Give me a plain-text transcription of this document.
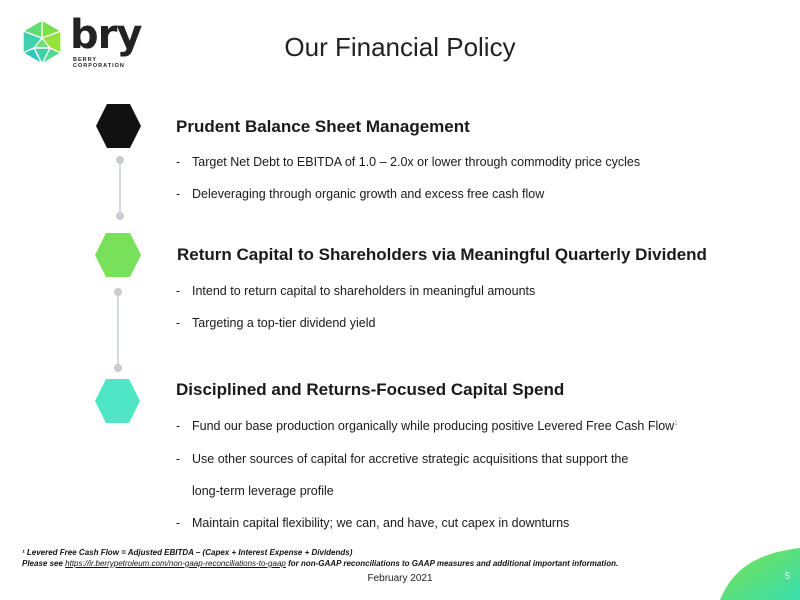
bry
BERRY
CORPORATION
Our Financial Policy
Prudent Balance Sheet Management
- Target Net Debt to EBITDA of 1.0 – 2.0x or lower through commodity price cycles
- Deleveraging through organic growth and excess free cash flow
Return Capital to Shareholders via Meaningful Quarterly Dividend
- Intend to return capital to shareholders in meaningful amounts
- Targeting a top-tier dividend yield
Disciplined and Returns-Focused Capital Spend
- Fund our base production organically while producing positive Levered Free Cash Flow$^1$
- Use other sources of capital for accretive strategic acquisitions that support the
long-term leverage profile
- Maintain capital flexibility; we can, and have, cut capex in downturns
¹ Levered Free Cash Flow = Adjusted EBITDA – (Capex + Interest Expense + Dividends)
Please see https://ir.berrypetroleum.com/non-gaap-reconciliations-to-gaap for non-GAAP reconciliations to GAAP measures and additional important information.
February 2021	5
